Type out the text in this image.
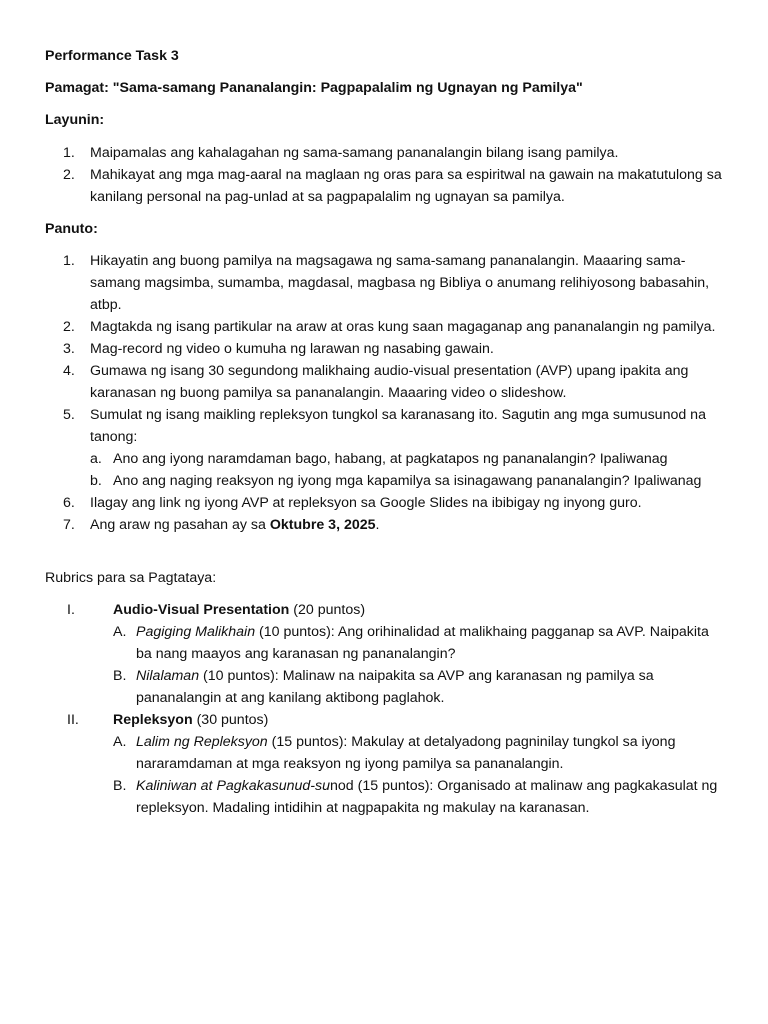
Performance Task 3
Pamagat: "Sama-samang Pananalangin: Pagpapalalim ng Ugnayan ng Pamilya"
Layunin:
1.	Maipamalas ang kahalagahan ng sama-samang pananalangin bilang isang pamilya.
2.	Mahikayat ang mga mag-aaral na maglaan ng oras para sa espiritwal na gawain na makatutulong sa kanilang personal na pag-unlad at sa pagpapalalim ng ugnayan sa pamilya.
Panuto:
1.	Hikayatin ang buong pamilya na magsagawa ng sama-samang pananalangin. Maaaring sama-samang magsimba, sumamba, magdasal, magbasa ng Bibliya o anumang relihiyosong babasahin, atbp.
2.	Magtakda ng isang partikular na araw at oras kung saan magaganap ang pananalangin ng pamilya.
3.	Mag-record ng video o kumuha ng larawan ng nasabing gawain.
4.	Gumawa ng isang 30 segundong malikhaing audio-visual presentation (AVP) upang ipakita ang karanasan ng buong pamilya sa pananalangin. Maaaring video o slideshow.
5.	Sumulat ng isang maikling repleksyon tungkol sa karanasang ito. Sagutin ang mga sumusunod na tanong:
a. Ano ang iyong naramdaman bago, habang, at pagkatapos ng pananalangin? Ipaliwanag
b. Ano ang naging reaksyon ng iyong mga kapamilya sa isinagawang pananalangin? Ipaliwanag
6.	Ilagay ang link ng iyong AVP at repleksyon sa Google Slides na ibibigay ng inyong guro.
7.	Ang araw ng pasahan ay sa Oktubre 3, 2025.
Rubrics para sa Pagtataya:
I.	Audio-Visual Presentation (20 puntos)
A. Pagiging Malikhain (10 puntos): Ang orihinalidad at malikhaing pagganap sa AVP. Naipakita ba nang maayos ang karanasan ng pananalangin?
B. Nilalaman (10 puntos): Malinaw na naipakita sa AVP ang karanasan ng pamilya sa pananalangin at ang kanilang aktibong paglahok.
II. Repleksyon (30 puntos)
A. Lalim ng Repleksyon (15 puntos): Makulay at detalyadong pagninilay tungkol sa iyong nararamdaman at mga reaksyon ng iyong pamilya sa pananalangin.
B. Kaliniwan at Pagkakasunud-sunod (15 puntos): Organisado at malinaw ang pagkakasulat ng repleksyon. Madaling intidihin at nagpapakita ng makulay na karanasan.
